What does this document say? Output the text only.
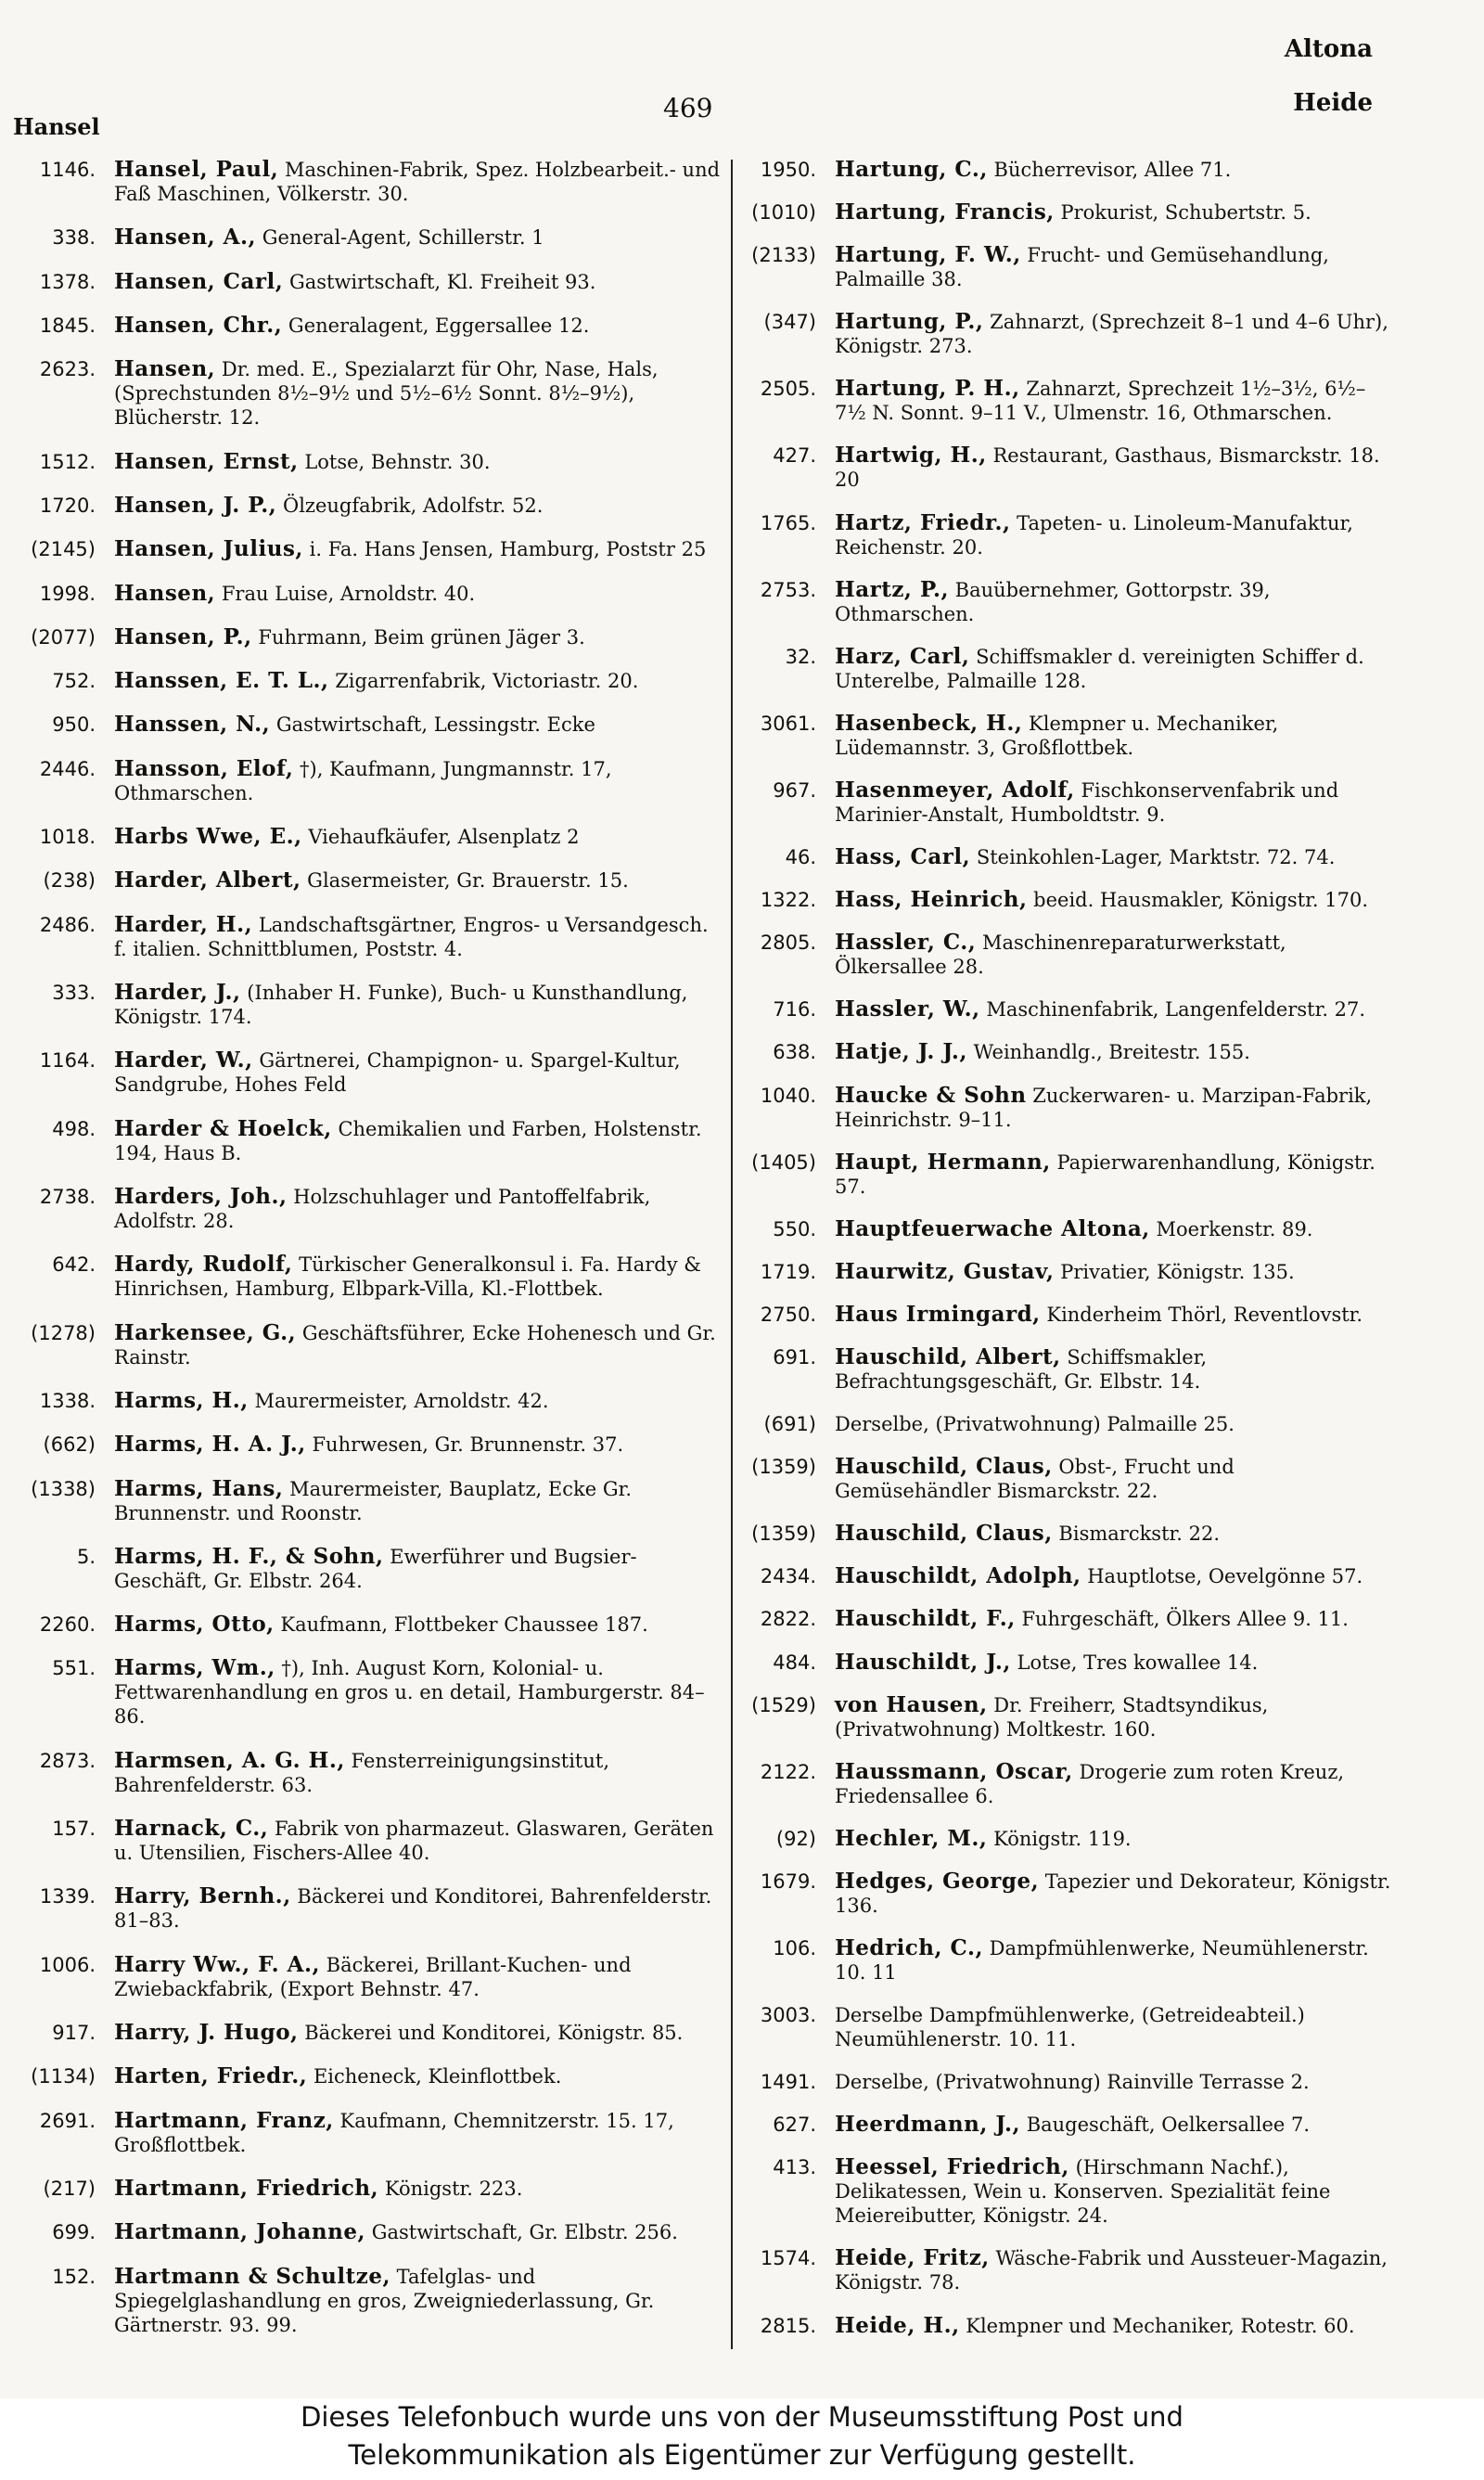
Hansel
469
Altona
Heide
1146. Hansel, Paul, Maschinen-Fabrik, Spez. Holzbearbeit.- und Faß Maschinen, Völkerstr. 30.
338. Hansen, A., General-Agent, Schillerstr. 1
1378. Hansen, Carl, Gastwirtschaft, Kl. Freiheit 93.
1845. Hansen, Chr., Generalagent, Eggersallee 12.
2623. Hansen, Dr. med. E., Spezialarzt für Ohr, Nase, Hals, (Sprechstunden 8½–9½ und 5½–6½ Sonnt. 8½–9½), Blücherstr. 12.
1512. Hansen, Ernst, Lotse, Behnstr. 30.
1720. Hansen, J. P., Ölzeugfabrik, Adolfstr. 52.
(2145) Hansen, Julius, i. Fa. Hans Jensen, Hamburg, Poststr 25
1998. Hansen, Frau Luise, Arnoldstr. 40.
(2077) Hansen, P., Fuhrmann, Beim grünen Jäger 3.
752. Hanssen, E. T. L., Zigarrenfabrik, Victoriastr. 20.
950. Hanssen, N., Gastwirtschaft, Lessingstr. Ecke
2446. Hansson, Elof, †), Kaufmann, Jungmannstr. 17, Othmarschen.
1018. Harbs Wwe, E., Viehaufkäufer, Alsenplatz 2
(238) Harder, Albert, Glasermeister, Gr. Brauerstr. 15.
2486. Harder, H., Landschaftsgärtner, Engros- u Versandgesch. f. italien. Schnittblumen, Poststr. 4.
333. Harder, J., (Inhaber H. Funke), Buch- u Kunsthandlung, Königstr. 174.
1164. Harder, W., Gärtnerei, Champignon- u. Spargel-Kultur, Sandgrube, Hohes Feld
498. Harder & Hoelck, Chemikalien und Farben, Holstenstr. 194, Haus B.
2738. Harders, Joh., Holzschuhlager und Pantoffelfabrik, Adolfstr. 28.
642. Hardy, Rudolf, Türkischer Generalkonsul i. Fa. Hardy & Hinrichsen, Hamburg, Elbpark-Villa, Kl.-Flottbek.
(1278) Harkensee, G., Geschäftsführer, Ecke Hohenesch und Gr. Rainstr.
1338. Harms, H., Maurermeister, Arnoldstr. 42.
(662) Harms, H. A. J., Fuhrwesen, Gr. Brunnenstr. 37.
(1338) Harms, Hans, Maurermeister, Bauplatz, Ecke Gr. Brunnenstr. und Roonstr.
5. Harms, H. F., & Sohn, Ewerführer und Bugsier-Geschäft, Gr. Elbstr. 264.
2260. Harms, Otto, Kaufmann, Flottbeker Chaussee 187.
551. Harms, Wm., †), Inh. August Korn, Kolonial- u. Fettwarenhandlung en gros u. en detail, Hamburgerstr. 84–86.
2873. Harmsen, A. G. H., Fensterreinigungsinstitut, Bahrenfelderstr. 63.
157. Harnack, C., Fabrik von pharmazeut. Glaswaren, Geräten u. Utensilien, Fischers-Allee 40.
1339. Harry, Bernh., Bäckerei und Konditorei, Bahrenfelderstr. 81–83.
1006. Harry Ww., F. A., Bäckerei, Brillant-Kuchen- und Zwiebackfabrik, (Export Behnstr. 47.
917. Harry, J. Hugo, Bäckerei und Konditorei, Königstr. 85.
(1134) Harten, Friedr., Eicheneck, Kleinflottbek.
2691. Hartmann, Franz, Kaufmann, Chemnitzerstr. 15. 17, Großflottbek.
(217) Hartmann, Friedrich, Königstr. 223.
699. Hartmann, Johanne, Gastwirtschaft, Gr. Elbstr. 256.
152. Hartmann & Schultze, Tafelglas- und Spiegelglashandlung en gros, Zweigniederlassung, Gr. Gärtnerstr. 93. 99.
1950. Hartung, C., Bücherrevisor, Allee 71.
(1010) Hartung, Francis, Prokurist, Schubertstr. 5.
(2133) Hartung, F. W., Frucht- und Gemüsehandlung, Palmaille 38.
(347) Hartung, P., Zahnarzt, (Sprechzeit 8–1 und 4–6 Uhr), Königstr. 273.
2505. Hartung, P. H., Zahnarzt, Sprechzeit 1½–3½, 6½–7½ N. Sonnt. 9–11 V., Ulmenstr. 16, Othmarschen.
427. Hartwig, H., Restaurant, Gasthaus, Bismarckstr. 18. 20
1765. Hartz, Friedr., Tapeten- u. Linoleum-Manufaktur, Reichenstr. 20.
2753. Hartz, P., Bauübernehmer, Gottorpstr. 39, Othmarschen.
32. Harz, Carl, Schiffsmakler d. vereinigten Schiffer d. Unterelbe, Palmaille 128.
3061. Hasenbeck, H., Klempner u. Mechaniker, Lüdemannstr. 3, Großflottbek.
967. Hasenmeyer, Adolf, Fischkonservenfabrik und Marinier-Anstalt, Humboldtstr. 9.
46. Hass, Carl, Steinkohlen-Lager, Marktstr. 72. 74.
1322. Hass, Heinrich, beeid. Hausmakler, Königstr. 170.
2805. Hassler, C., Maschinenreparaturwerkstatt, Ölkersallee 28.
716. Hassler, W., Maschinenfabrik, Langenfelderstr. 27.
638. Hatje, J. J., Weinhandlg., Breitestr. 155.
1040. Haucke & Sohn Zuckerwaren- u. Marzipan-Fabrik, Heinrichstr. 9–11.
(1405) Haupt, Hermann, Papierwarenhandlung, Königstr. 57.
550. Hauptfeuerwache Altona, Moerkenstr. 89.
1719. Haurwitz, Gustav, Privatier, Königstr. 135.
2750. Haus Irmingard, Kinderheim Thörl, Reventlovstr.
691. Hauschild, Albert, Schiffsmakler, Befrachtungsgeschäft, Gr. Elbstr. 14.
(691) Derselbe, (Privatwohnung) Palmaille 25.
(1359) Hauschild, Claus, Obst-, Frucht und Gemüsehändler Bismarckstr. 22.
(1359) Hauschild, Claus, Bismarckstr. 22.
2434. Hauschildt, Adolph, Hauptlotse, Oevelgönne 57.
2822. Hauschildt, F., Fuhrgeschäft, Ölkers Allee 9. 11.
484. Hauschildt, J., Lotse, Tres kowallee 14.
(1529) von Hausen, Dr. Freiherr, Stadtsyndikus, (Privatwohnung) Moltkestr. 160.
2122. Haussmann, Oscar, Drogerie zum roten Kreuz, Friedensallee 6.
(92) Hechler, M., Königstr. 119.
1679. Hedges, George, Tapezier und Dekorateur, Königstr. 136.
106. Hedrich, C., Dampfmühlenwerke, Neumühlenerstr. 10. 11
3003. Derselbe Dampfmühlenwerke, (Getreideabteil.) Neumühlenerstr. 10. 11.
1491. Derselbe, (Privatwohnung) Rainville Terrasse 2.
627. Heerdmann, J., Baugeschäft, Oelkersallee 7.
413. Heessel, Friedrich, (Hirschmann Nachf.), Delikatessen, Wein u. Konserven. Spezialität feine Meiereibutter, Königstr. 24.
1574. Heide, Fritz, Wäsche-Fabrik und Aussteuer-Magazin, Königstr. 78.
2815. Heide, H., Klempner und Mechaniker, Rotestr. 60.
Dieses Telefonbuch wurde uns von der Museumsstiftung Post und
Telekommunikation als Eigentümer zur Verfügung gestellt.
